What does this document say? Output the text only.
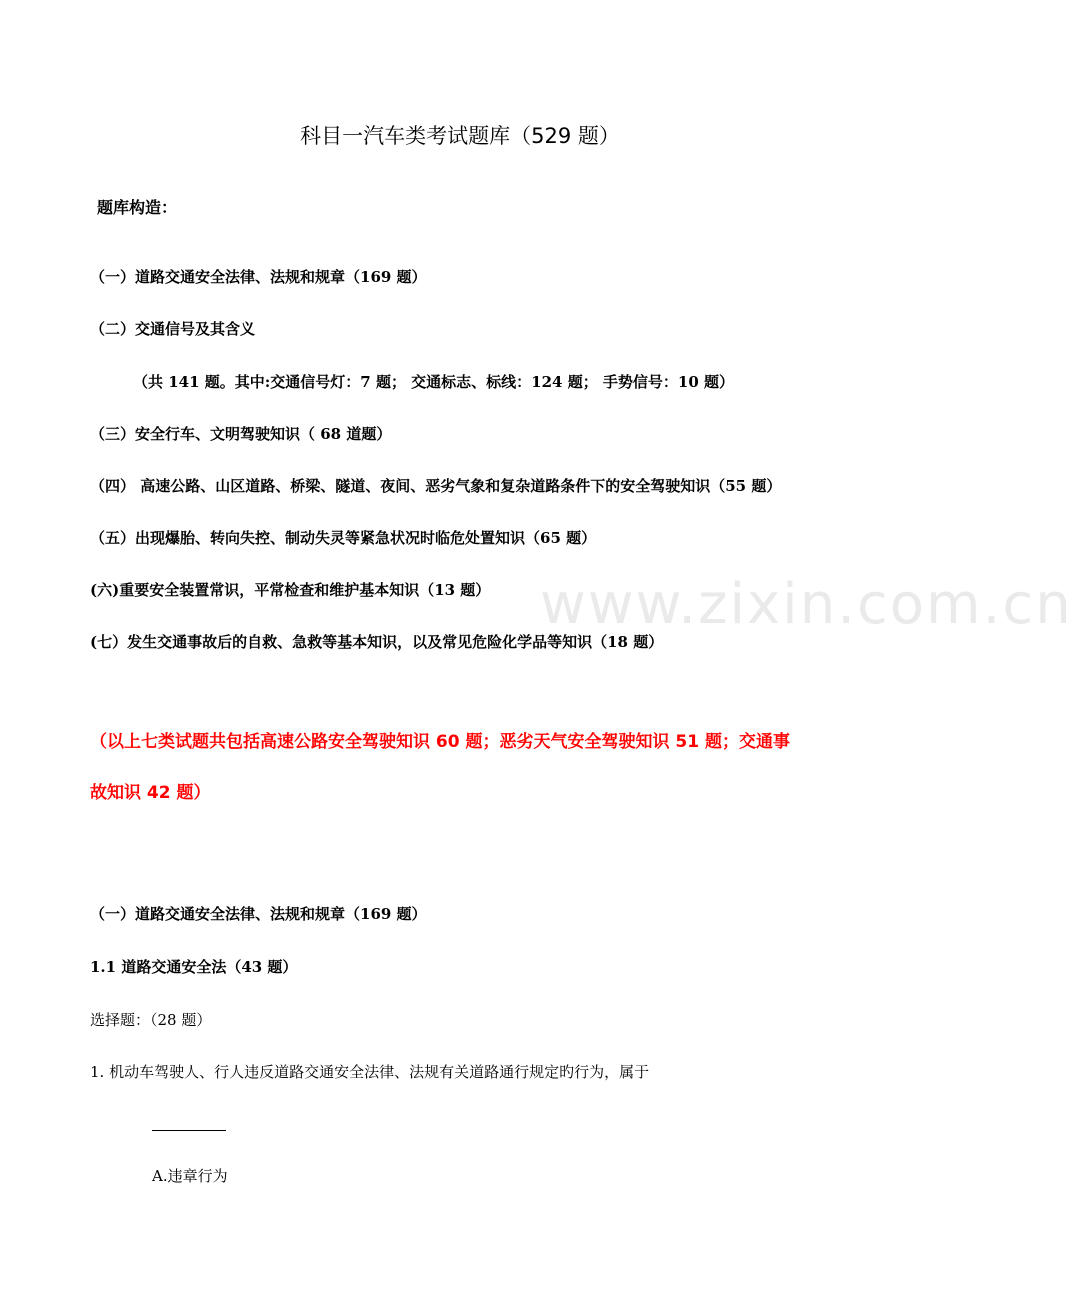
科目一汽车类考试题库（529 题）
题库构造：
（一）道路交通安全法律、法规和规章（169 题）
（二）交通信号及其含义
（共 141 题。其中:交通信号灯：7 题； 交通标志、标线：124 题； 手势信号：10 题）
（三）安全行车、文明驾驶知识（ 68 道题）
（四） 高速公路、山区道路、桥梁、隧道、夜间、恶劣气象和复杂道路条件下的安全驾驶知识（55 题）
（五）出现爆胎、转向失控、制动失灵等紧急状况时临危处置知识（65 题）
(六)重要安全装置常识，平常检查和维护基本知识（13 题）
(七）发生交通事故后的自救、急救等基本知识，以及常见危险化学品等知识（18 题）
（以上七类试题共包括高速公路安全驾驶知识 60 题；恶劣天气安全驾驶知识 51 题；交通事
故知识 42 题）
（一）道路交通安全法律、法规和规章（169 题）
1.1 道路交通安全法（43 题）
选择题：（28 题）
1. 机动车驾驶人、行人违反道路交通安全法律、法规有关道路通行规定旳行为，属于
A.违章行为
www.zixin.com.cn
